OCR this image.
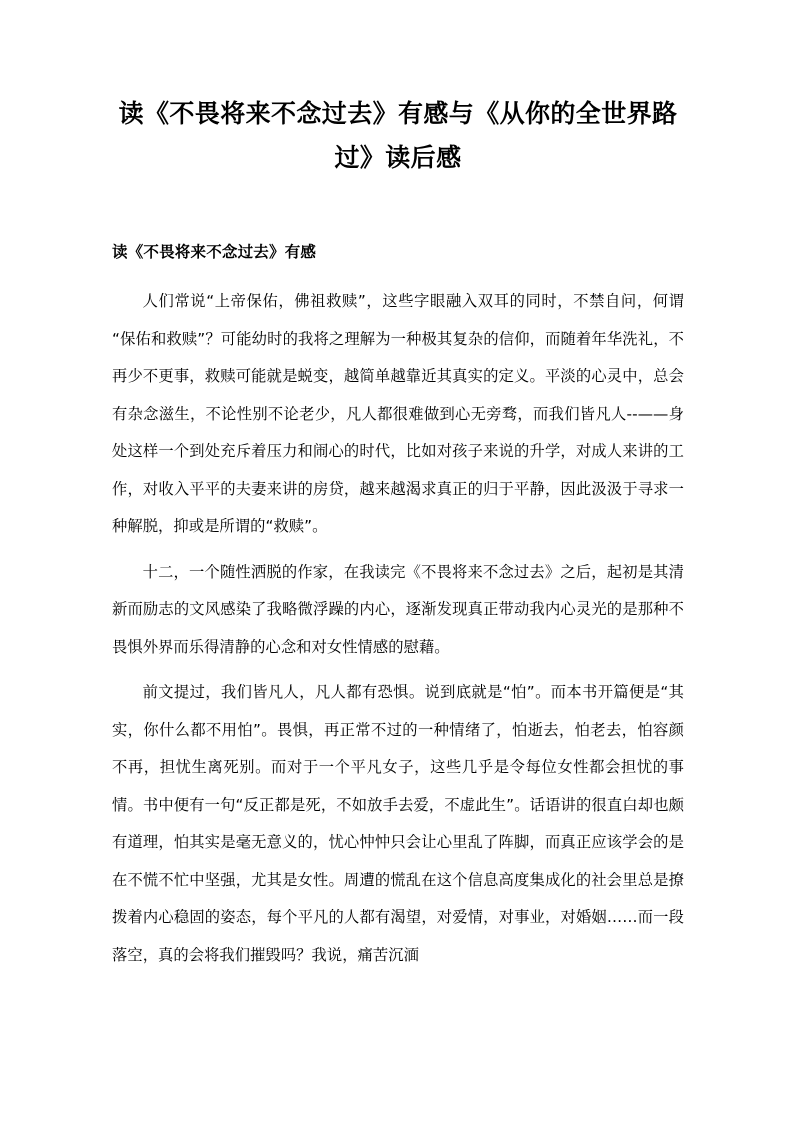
读《不畏将来不念过去》有感与《从你的全世界路过》读后感
读《不畏将来不念过去》有感

人们常说“上帝保佑，佛祖救赎”，这些字眼融入双耳的同时，不禁自问，何谓“保佑和救赎”？可能幼时的我将之理解为一种极其复杂的信仰，而随着年华洗礼，不再少不更事，救赎可能就是蜕变，越简单越靠近其真实的定义。平淡的心灵中，总会有杂念滋生，不论性别不论老少，凡人都很难做到心无旁骛，而我们皆凡人--——身处这样一个到处充斥着压力和闹心的时代，比如对孩子来说的升学，对成人来讲的工作，对收入平平的夫妻来讲的房贷，越来越渴求真正的归于平静，因此汲汲于寻求一种解脱，抑或是所谓的“救赎”。

十二，一个随性洒脱的作家，在我读完《不畏将来不念过去》之后，起初是其清新而励志的文风感染了我略微浮躁的内心，逐渐发现真正带动我内心灵光的是那种不畏惧外界而乐得清静的心念和对女性情感的慰藉。

前文提过，我们皆凡人，凡人都有恐惧。说到底就是“怕”。而本书开篇便是“其实，你什么都不用怕”。畏惧，再正常不过的一种情绪了，怕逝去，怕老去，怕容颜不再，担忧生离死别。而对于一个平凡女子，这些几乎是令每位女性都会担忧的事情。书中便有一句“反正都是死，不如放手去爱，不虚此生”。话语讲的很直白却也颇有道理，怕其实是毫无意义的，忧心忡忡只会让心里乱了阵脚，而真正应该学会的是在不慌不忙中坚强，尤其是女性。周遭的慌乱在这个信息高度集成化的社会里总是撩拨着内心稳固的姿态，每个平凡的人都有渴望，对爱情，对事业，对婚姻……而一段落空，真的会将我们摧毁吗？我说，痛苦沉湎
